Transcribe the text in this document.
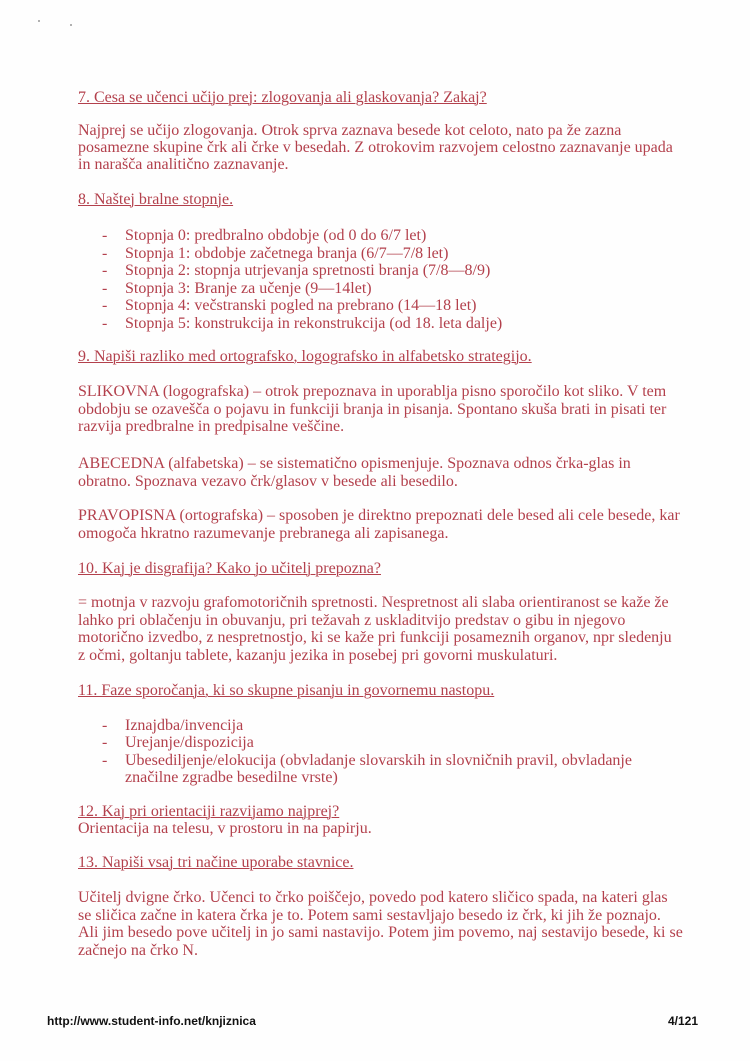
7. Cesa se učenci učijo prej: zlogovanja ali glaskovanja? Zakaj?
Najprej se učijo zlogovanja. Otrok sprva zaznava besede kot celoto, nato pa že zazna
posamezne skupine črk ali črke v besedah. Z otrokovim razvojem celostno zaznavanje upada
in narašča analitično zaznavanje.
8. Naštej bralne stopnje.
- Stopnja 0: predbralno obdobje (od 0 do 6/7 let)
- Stopnja 1: obdobje začetnega branja (6/7—7/8 let)
- Stopnja 2: stopnja utrjevanja spretnosti branja (7/8—8/9)
- Stopnja 3: Branje za učenje (9—14let)
- Stopnja 4: večstranski pogled na prebrano (14—18 let)
- Stopnja 5: konstrukcija in rekonstrukcija (od 18. leta dalje)
9. Napiši razliko med ortografsko, logografsko in alfabetsko strategijo.
SLIKOVNA (logografska) – otrok prepoznava in uporablja pisno sporočilo kot sliko. V tem
obdobju se ozavešča o pojavu in funkciji branja in pisanja. Spontano skuša brati in pisati ter
razvija predbralne in predpisalne veščine.
ABECEDNA (alfabetska) – se sistematično opismenjuje. Spoznava odnos črka-glas in
obratno. Spoznava vezavo črk/glasov v besede ali besedilo.
PRAVOPISNA (ortografska) – sposoben je direktno prepoznati dele besed ali cele besede, kar
omogoča hkratno razumevanje prebranega ali zapisanega.
10. Kaj je disgrafija? Kako jo učitelj prepozna?
= motnja v razvoju grafomotoričnih spretnosti. Nespretnost ali slaba orientiranost se kaže že
lahko pri oblačenju in obuvanju, pri težavah z uskladitvijo predstav o gibu in njegovo
motorično izvedbo, z nespretnostjo, ki se kaže pri funkciji posameznih organov, npr sledenju
z očmi, goltanju tablete, kazanju jezika in posebej pri govorni muskulaturi.
11. Faze sporočanja, ki so skupne pisanju in govornemu nastopu.
- Iznajdba/invencija
- Urejanje/dispozicija
- Ubesediljenje/elokucija (obvladanje slovarskih in slovničnih pravil, obvladanje
značilne zgradbe besedilne vrste)
12. Kaj pri orientaciji razvijamo najprej?
Orientacija na telesu, v prostoru in na papirju.
13. Napiši vsaj tri načine uporabe stavnice.
Učitelj dvigne črko. Učenci to črko poiščejo, povedo pod katero sličico spada, na kateri glas
se sličica začne in katera črka je to. Potem sami sestavljajo besedo iz črk, ki jih že poznajo.
Ali jim besedo pove učitelj in jo sami nastavijo. Potem jim povemo, naj sestavijo besede, ki se
začnejo na črko N.
http://www.student-info.net/knjiznica	4/121
